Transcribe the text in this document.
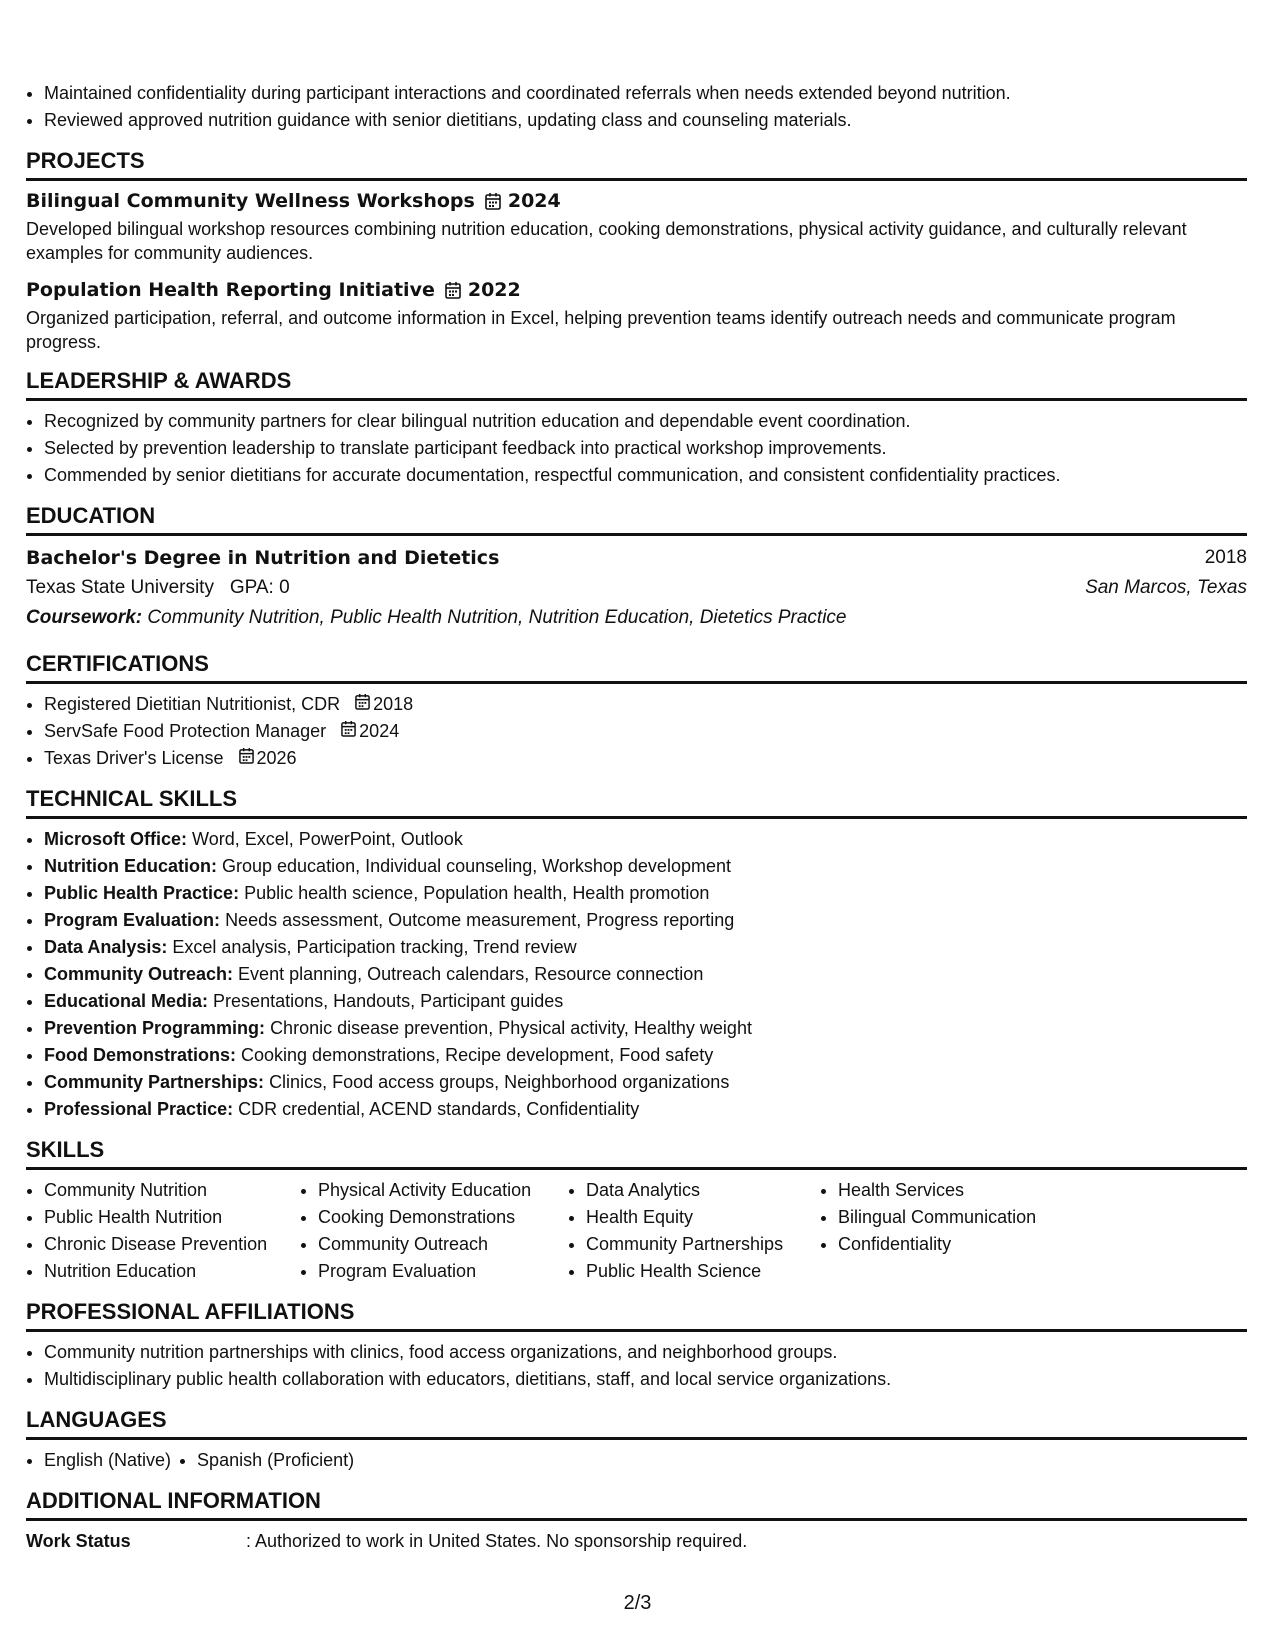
• Maintained confidentiality during participant interactions and coordinated referrals when needs extended beyond nutrition.
• Reviewed approved nutrition guidance with senior dietitians, updating class and counseling materials.
PROJECTS
Bilingual Community Wellness Workshops 2024
Developed bilingual workshop resources combining nutrition education, cooking demonstrations, physical activity guidance, and culturally relevant examples for community audiences.
Population Health Reporting Initiative 2022
Organized participation, referral, and outcome information in Excel, helping prevention teams identify outreach needs and communicate program progress.
LEADERSHIP & AWARDS
• Recognized by community partners for clear bilingual nutrition education and dependable event coordination.
• Selected by prevention leadership to translate participant feedback into practical workshop improvements.
• Commended by senior dietitians for accurate documentation, respectful communication, and consistent confidentiality practices.
EDUCATION
Bachelor's Degree in Nutrition and Dietetics	2018
Texas State University GPA: 0	San Marcos, Texas
Coursework:
Community Nutrition, Public Health Nutrition, Nutrition Education, Dietetics Practice
CERTIFICATIONS
• Registered Dietitian Nutritionist, CDR 2018
• ServSafe Food Protection Manager 2024
• Texas Driver's License 2026
TECHNICAL SKILLS
• Microsoft Office: Word, Excel, PowerPoint, Outlook
• Nutrition Education: Group education, Individual counseling, Workshop development
• Public Health Practice: Public health science, Population health, Health promotion
• Program Evaluation: Needs assessment, Outcome measurement, Progress reporting
• Data Analysis: Excel analysis, Participation tracking, Trend review
• Community Outreach: Event planning, Outreach calendars, Resource connection
• Educational Media: Presentations, Handouts, Participant guides
• Prevention Programming: Chronic disease prevention, Physical activity, Healthy weight
• Food Demonstrations: Cooking demonstrations, Recipe development, Food safety
• Community Partnerships: Clinics, Food access groups, Neighborhood organizations
• Professional Practice: CDR credential, ACEND standards, Confidentiality
SKILLS
• Community Nutrition
• Public Health Nutrition
• Chronic Disease Prevention
• Nutrition Education
• Physical Activity Education
• Cooking Demonstrations
• Community Outreach
• Program Evaluation
• Data Analytics
• Health Equity
• Community Partnerships
• Public Health Science
• Health Services
• Bilingual Communication
• Confidentiality
PROFESSIONAL AFFILIATIONS
• Community nutrition partnerships with clinics, food access organizations, and neighborhood groups.
• Multidisciplinary public health collaboration with educators, dietitians, staff, and local service organizations.
LANGUAGES
• English (Native)
• Spanish (Proficient)
ADDITIONAL INFORMATION
Work Status	: Authorized to work in United States. No sponsorship required.
2/3
